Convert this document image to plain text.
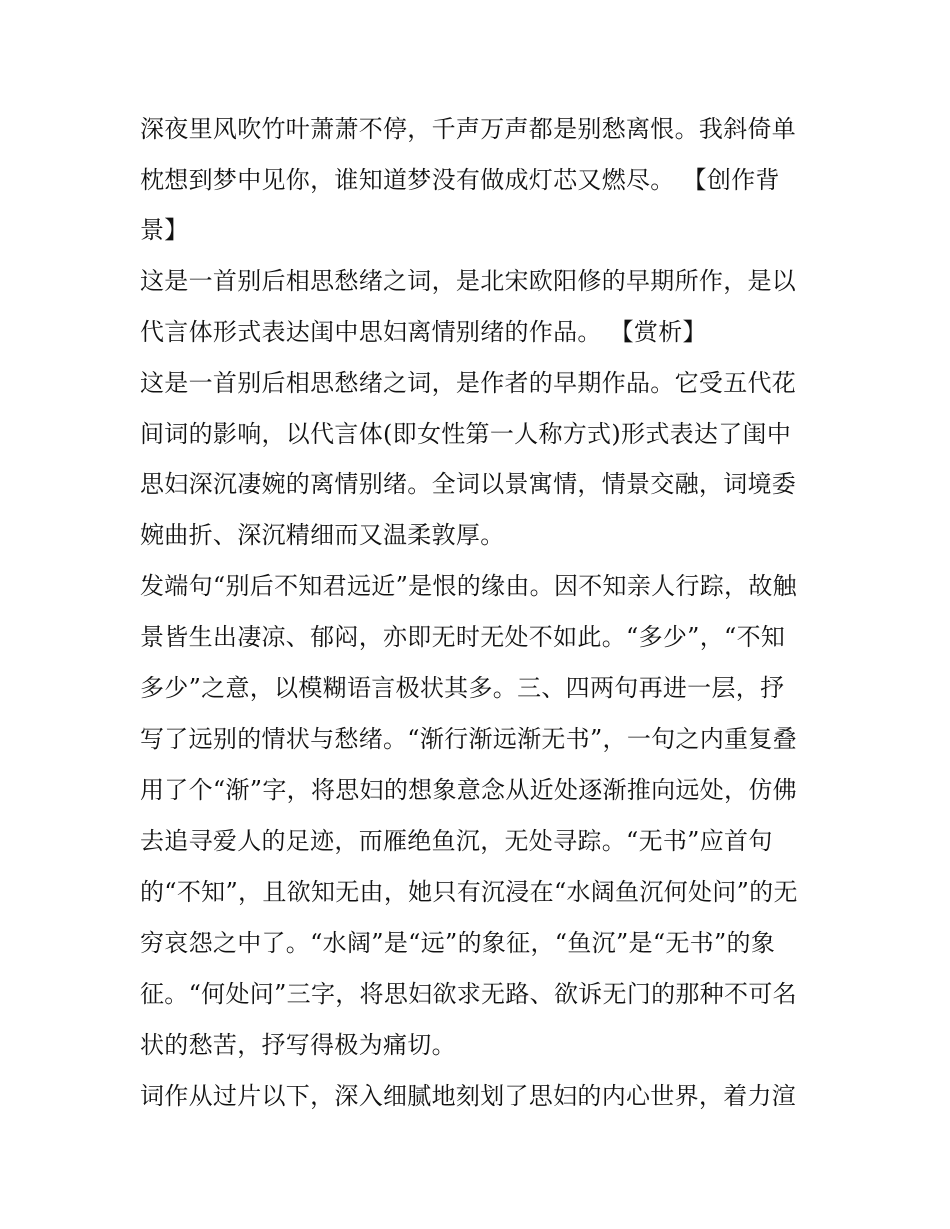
深夜里风吹竹叶萧萧不停，千声万声都是别愁离恨。我斜倚单

枕想到梦中见你，谁知道梦没有做成灯芯又燃尽。 【创作背

景】

这是一首别后相思愁绪之词，是北宋欧阳修的早期所作，是以

代言体形式表达闺中思妇离情别绪的作品。 【赏析】

这是一首别后相思愁绪之词，是作者的早期作品。它受五代花

间词的影响，以代言体(即女性第一人称方式)形式表达了闺中

思妇深沉凄婉的离情别绪。全词以景寓情，情景交融，词境委

婉曲折、深沉精细而又温柔敦厚。

发端句“别后不知君远近”是恨的缘由。因不知亲人行踪，故触

景皆生出凄凉、郁闷，亦即无时无处不如此。“多少”，“不知

多少”之意，以模糊语言极状其多。三、四两句再进一层，抒

写了远别的情状与愁绪。“渐行渐远渐无书”，一句之内重复叠

用了个“渐”字，将思妇的想象意念从近处逐渐推向远处，仿佛

去追寻爱人的足迹，而雁绝鱼沉，无处寻踪。“无书”应首句

的“不知”，且欲知无由，她只有沉浸在“水阔鱼沉何处问”的无

穷哀怨之中了。“水阔”是“远”的象征，“鱼沉”是“无书”的象

征。“何处问”三字，将思妇欲求无路、欲诉无门的那种不可名

状的愁苦，抒写得极为痛切。

词作从过片以下，深入细腻地刻划了思妇的内心世界，着力渲
